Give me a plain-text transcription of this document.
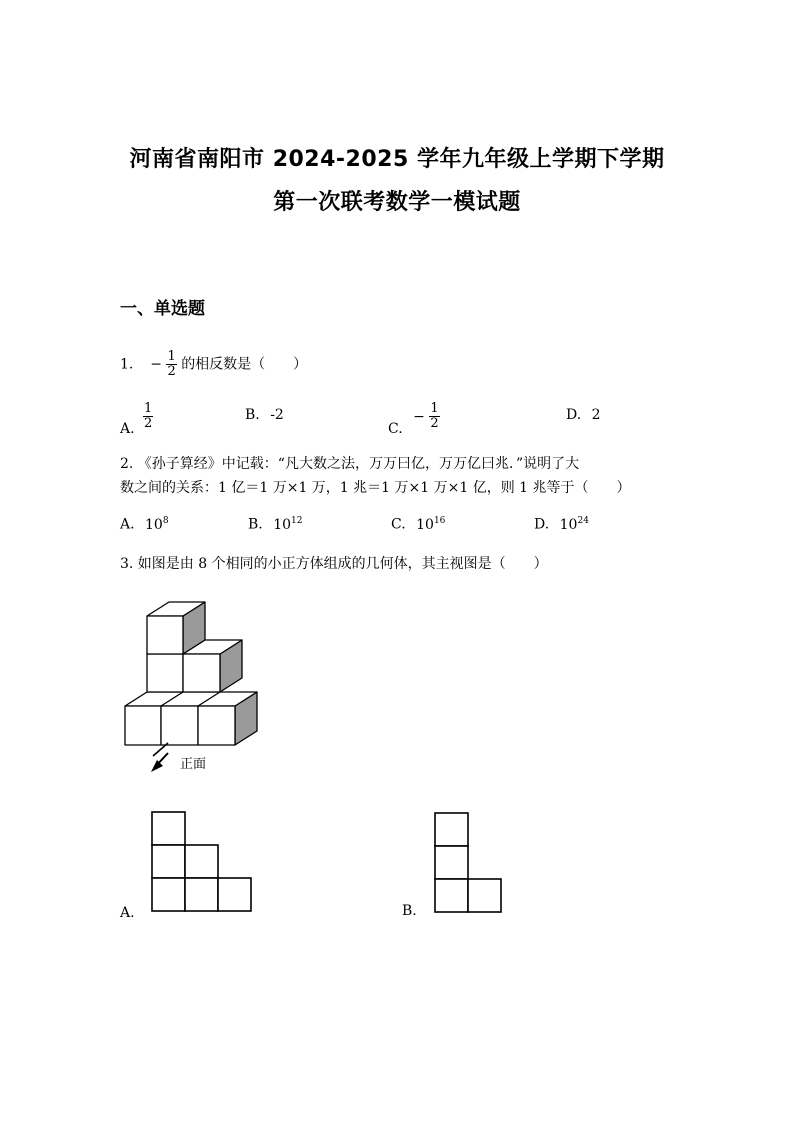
河南省南阳市 2024-2025 学年九年级上学期下学期
第一次联考数学一模试题
一、单选题
1. − $\frac{1}{2}$ 的相反数是（　　）
A. $\frac{1}{2}$	B. -2
C. − $\frac{1}{2}$	D. 2
2. 《孙子算经》中记载：“凡大数之法，万万曰亿，万万亿曰兆．”说明了大
数之间的关系：1 亿＝1 万×1 万，1 兆＝1 万×1 万×1 亿，则 1 兆等于（　　）
A. $10^8$	B. $10^{12}$	C. $10^{16}$	D. $10^{24}$
3. 如图是由 8 个相同的小正方体组成的几何体，其主视图是（　　）
正面
A.	B.
